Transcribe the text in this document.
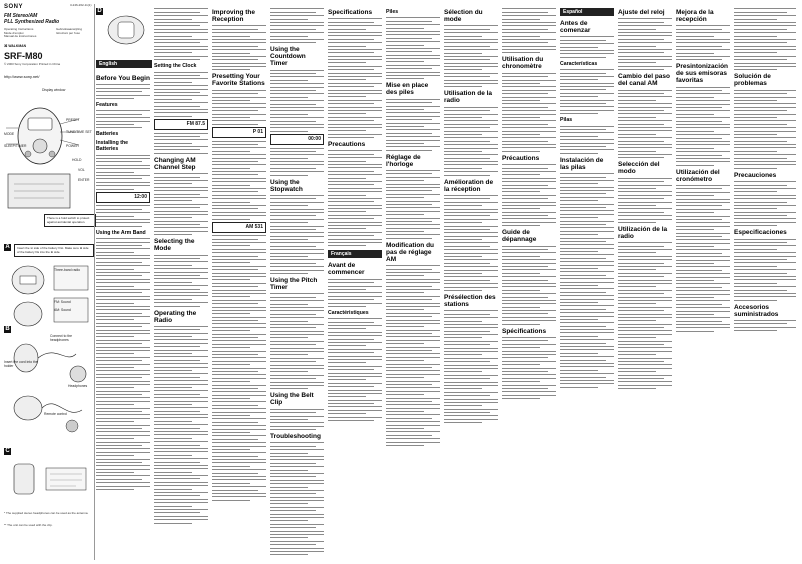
SONY
FM Stereo/AM
PLL Synthesized Radio
Operating Instructions
Mode d'emploi
Manual de instrucciones
⌘ WALKMAN
SRF-M80
© 2003 Sony Corporation Printed in China
http://www.sony.net/
3-246-262-11(1)
Gebruiksaanwijzing
Istruzioni per l'uso
Display window
PRESET
TUNE/TIME SET
POWER
MODE
SLEEP/TIMER
HOLD
VOL
ENTER
There is a hold switch to protect against accidental operation.
A	Insert the ⊖ side of the battery first. Make sure ⊕ side of the battery fits into the ⊕ side.
Three-band radio
FM: Sound
AM: Sound
B
Connect to the headphones
Insert the cord into the holder
Headphones
Remote control
C
* The supplied stereo headphones can be used as the antenna.
** The unit can be used with the clip.
D
English
Before You Begin
Features
Batteries
Installing the Batteries
12:00
Using the Arm Band
Setting the Clock
FM 87.5
Changing AM Channel Step
Selecting the Mode
Operating the Radio
Improving the Reception
Presetting Your Favorite Stations
P 01
AM 531
Using the Countdown Timer
00:00
Using the Stopwatch
Using the Pitch Timer
Using the Belt Clip
Troubleshooting
Specifications
Precautions
Français
Avant de commencer
Caractéristiques
Piles
Mise en place des piles
Réglage de l'horloge
Modification du pas de réglage AM
Sélection du mode
Utilisation de la radio
Amélioration de la réception
Présélection des stations
Utilisation du chronomètre
Précautions
Guide de dépannage
Spécifications
Español
Antes de comenzar
Características
Pilas
Instalación de las pilas
Ajuste del reloj
Cambio del paso del canal AM
Selección del modo
Utilización de la radio
Mejora de la recepción
Presintonización de sus emisoras favoritas
Utilización del cronómetro
Solución de problemas
Precauciones
Especificaciones
Accesorios suministrados
